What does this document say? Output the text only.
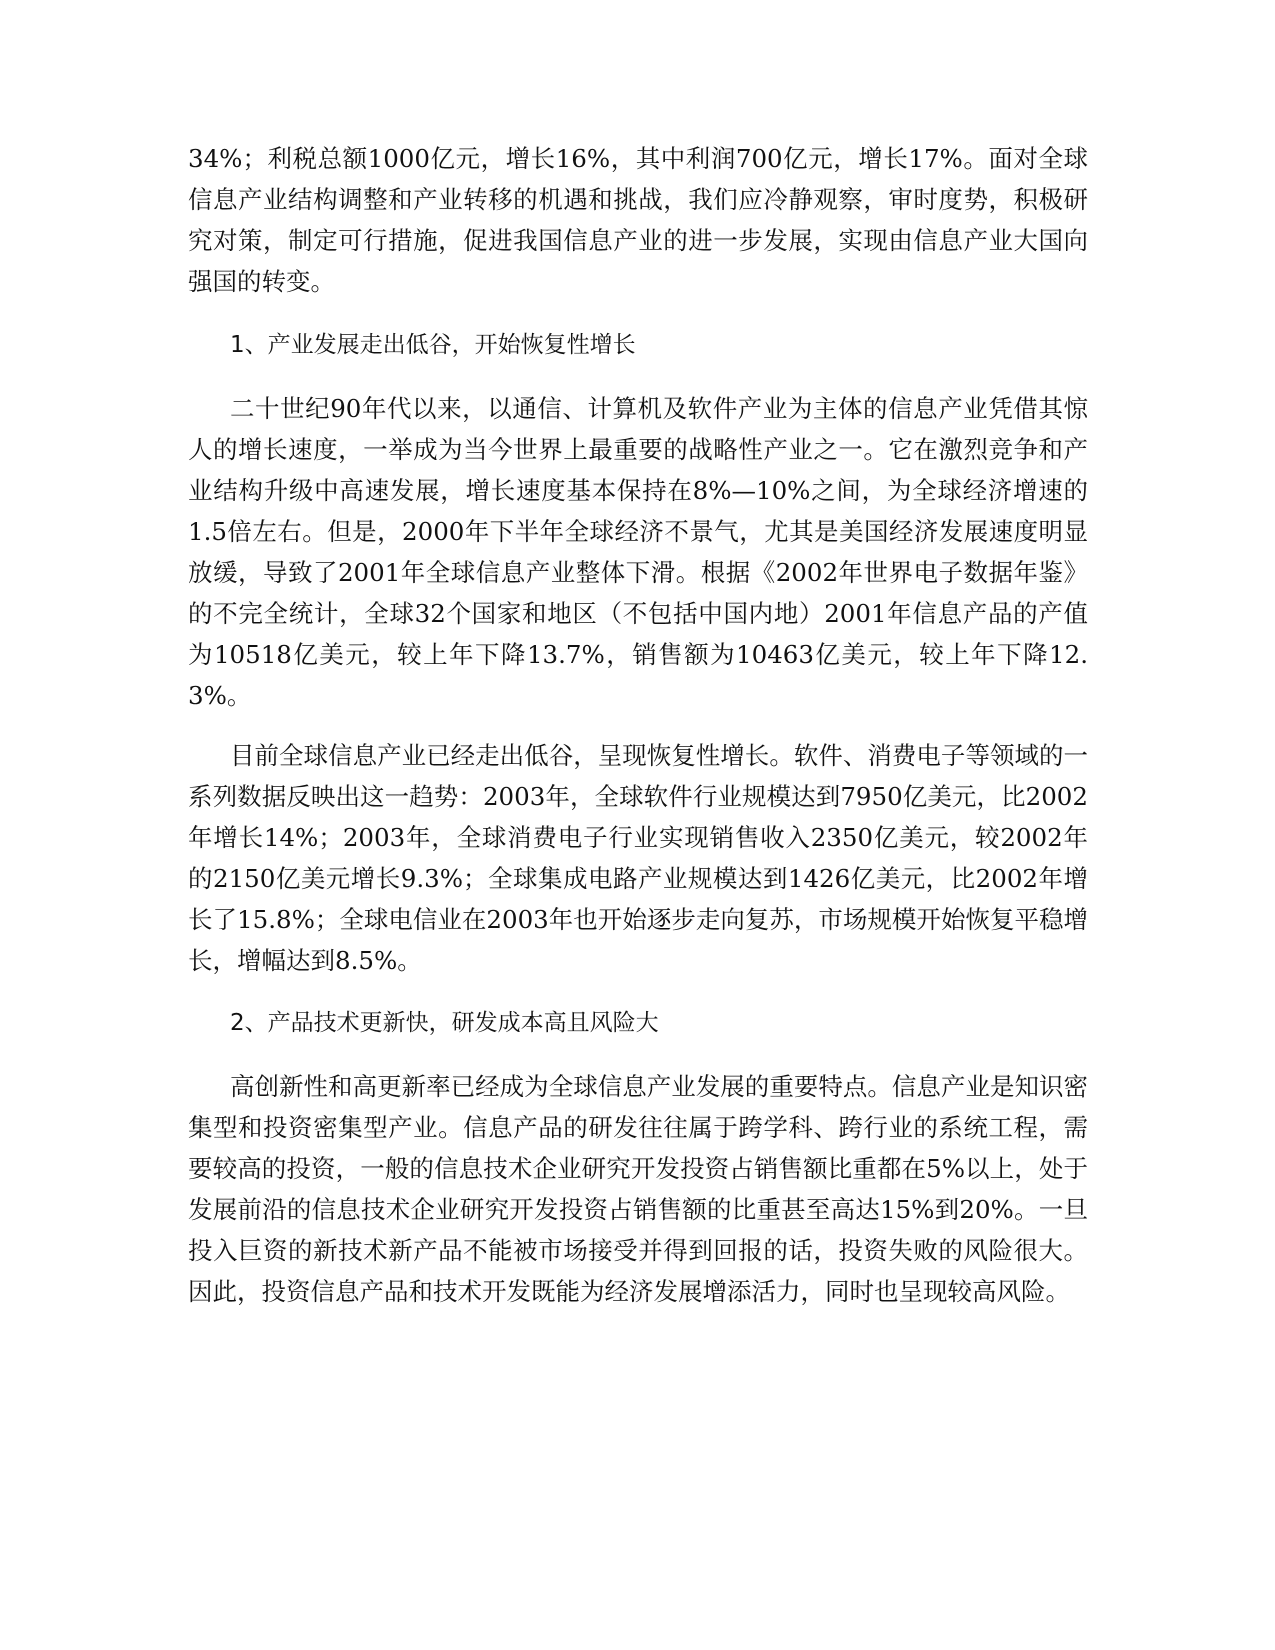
34%；利税总额1000亿元，增长16%，其中利润700亿元，增长17%。面对全球信息产业结构调整和产业转移的机遇和挑战，我们应冷静观察，审时度势，积极研究对策，制定可行措施，促进我国信息产业的进一步发展，实现由信息产业大国向强国的转变。

1、产业发展走出低谷，开始恢复性增长

二十世纪90年代以来，以通信、计算机及软件产业为主体的信息产业凭借其惊人的增长速度，一举成为当今世界上最重要的战略性产业之一。它在激烈竞争和产业结构升级中高速发展，增长速度基本保持在8%—10%之间，为全球经济增速的1.5倍左右。但是，2000年下半年全球经济不景气，尤其是美国经济发展速度明显放缓，导致了2001年全球信息产业整体下滑。根据《2002年世界电子数据年鉴》的不完全统计，全球32个国家和地区（不包括中国内地）2001年信息产品的产值为10518亿美元，较上年下降13.7%，销售额为10463亿美元，较上年下降12.3%。

目前全球信息产业已经走出低谷，呈现恢复性增长。软件、消费电子等领域的一系列数据反映出这一趋势：2003年，全球软件行业规模达到7950亿美元，比2002年增长14%；2003年，全球消费电子行业实现销售收入2350亿美元，较2002年的2150亿美元增长9.3%；全球集成电路产业规模达到1426亿美元，比2002年增长了15.8%；全球电信业在2003年也开始逐步走向复苏，市场规模开始恢复平稳增长，增幅达到8.5%。

2、产品技术更新快，研发成本高且风险大

高创新性和高更新率已经成为全球信息产业发展的重要特点。信息产业是知识密集型和投资密集型产业。信息产品的研发往往属于跨学科、跨行业的系统工程，需要较高的投资，一般的信息技术企业研究开发投资占销售额比重都在5%以上，处于发展前沿的信息技术企业研究开发投资占销售额的比重甚至高达15%到20%。一旦投入巨资的新技术新产品不能被市场接受并得到回报的话，投资失败的风险很大。因此，投资信息产品和技术开发既能为经济发展增添活力，同时也呈现较高风险。
